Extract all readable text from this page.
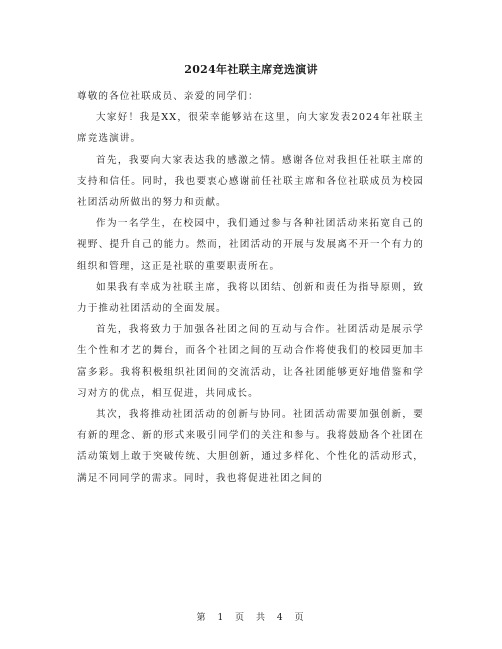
2024年社联主席竞选演讲

尊敬的各位社联成员、亲爱的同学们：

大家好！我是XX，很荣幸能够站在这里，向大家发表2024年社联主席竞选演讲。

首先，我要向大家表达我的感激之情。感谢各位对我担任社联主席的支持和信任。同时，我也要衷心感谢前任社联主席和各位社联成员为校园社团活动所做出的努力和贡献。

作为一名学生，在校园中，我们通过参与各种社团活动来拓宽自己的视野、提升自己的能力。然而，社团活动的开展与发展离不开一个有力的组织和管理，这正是社联的重要职责所在。

如果我有幸成为社联主席，我将以团结、创新和责任为指导原则，致力于推动社团活动的全面发展。

首先，我将致力于加强各社团之间的互动与合作。社团活动是展示学生个性和才艺的舞台，而各个社团之间的互动合作将使我们的校园更加丰富多彩。我将积极组织社团间的交流活动，让各社团能够更好地借鉴和学习对方的优点，相互促进，共同成长。

其次，我将推动社团活动的创新与协同。社团活动需要加强创新，要有新的理念、新的形式来吸引同学们的关注和参与。我将鼓励各个社团在活动策划上敢于突破传统、大胆创新，通过多样化、个性化的活动形式，满足不同同学的需求。同时，我也将促进社团之间的

第 1 页 共 4 页
